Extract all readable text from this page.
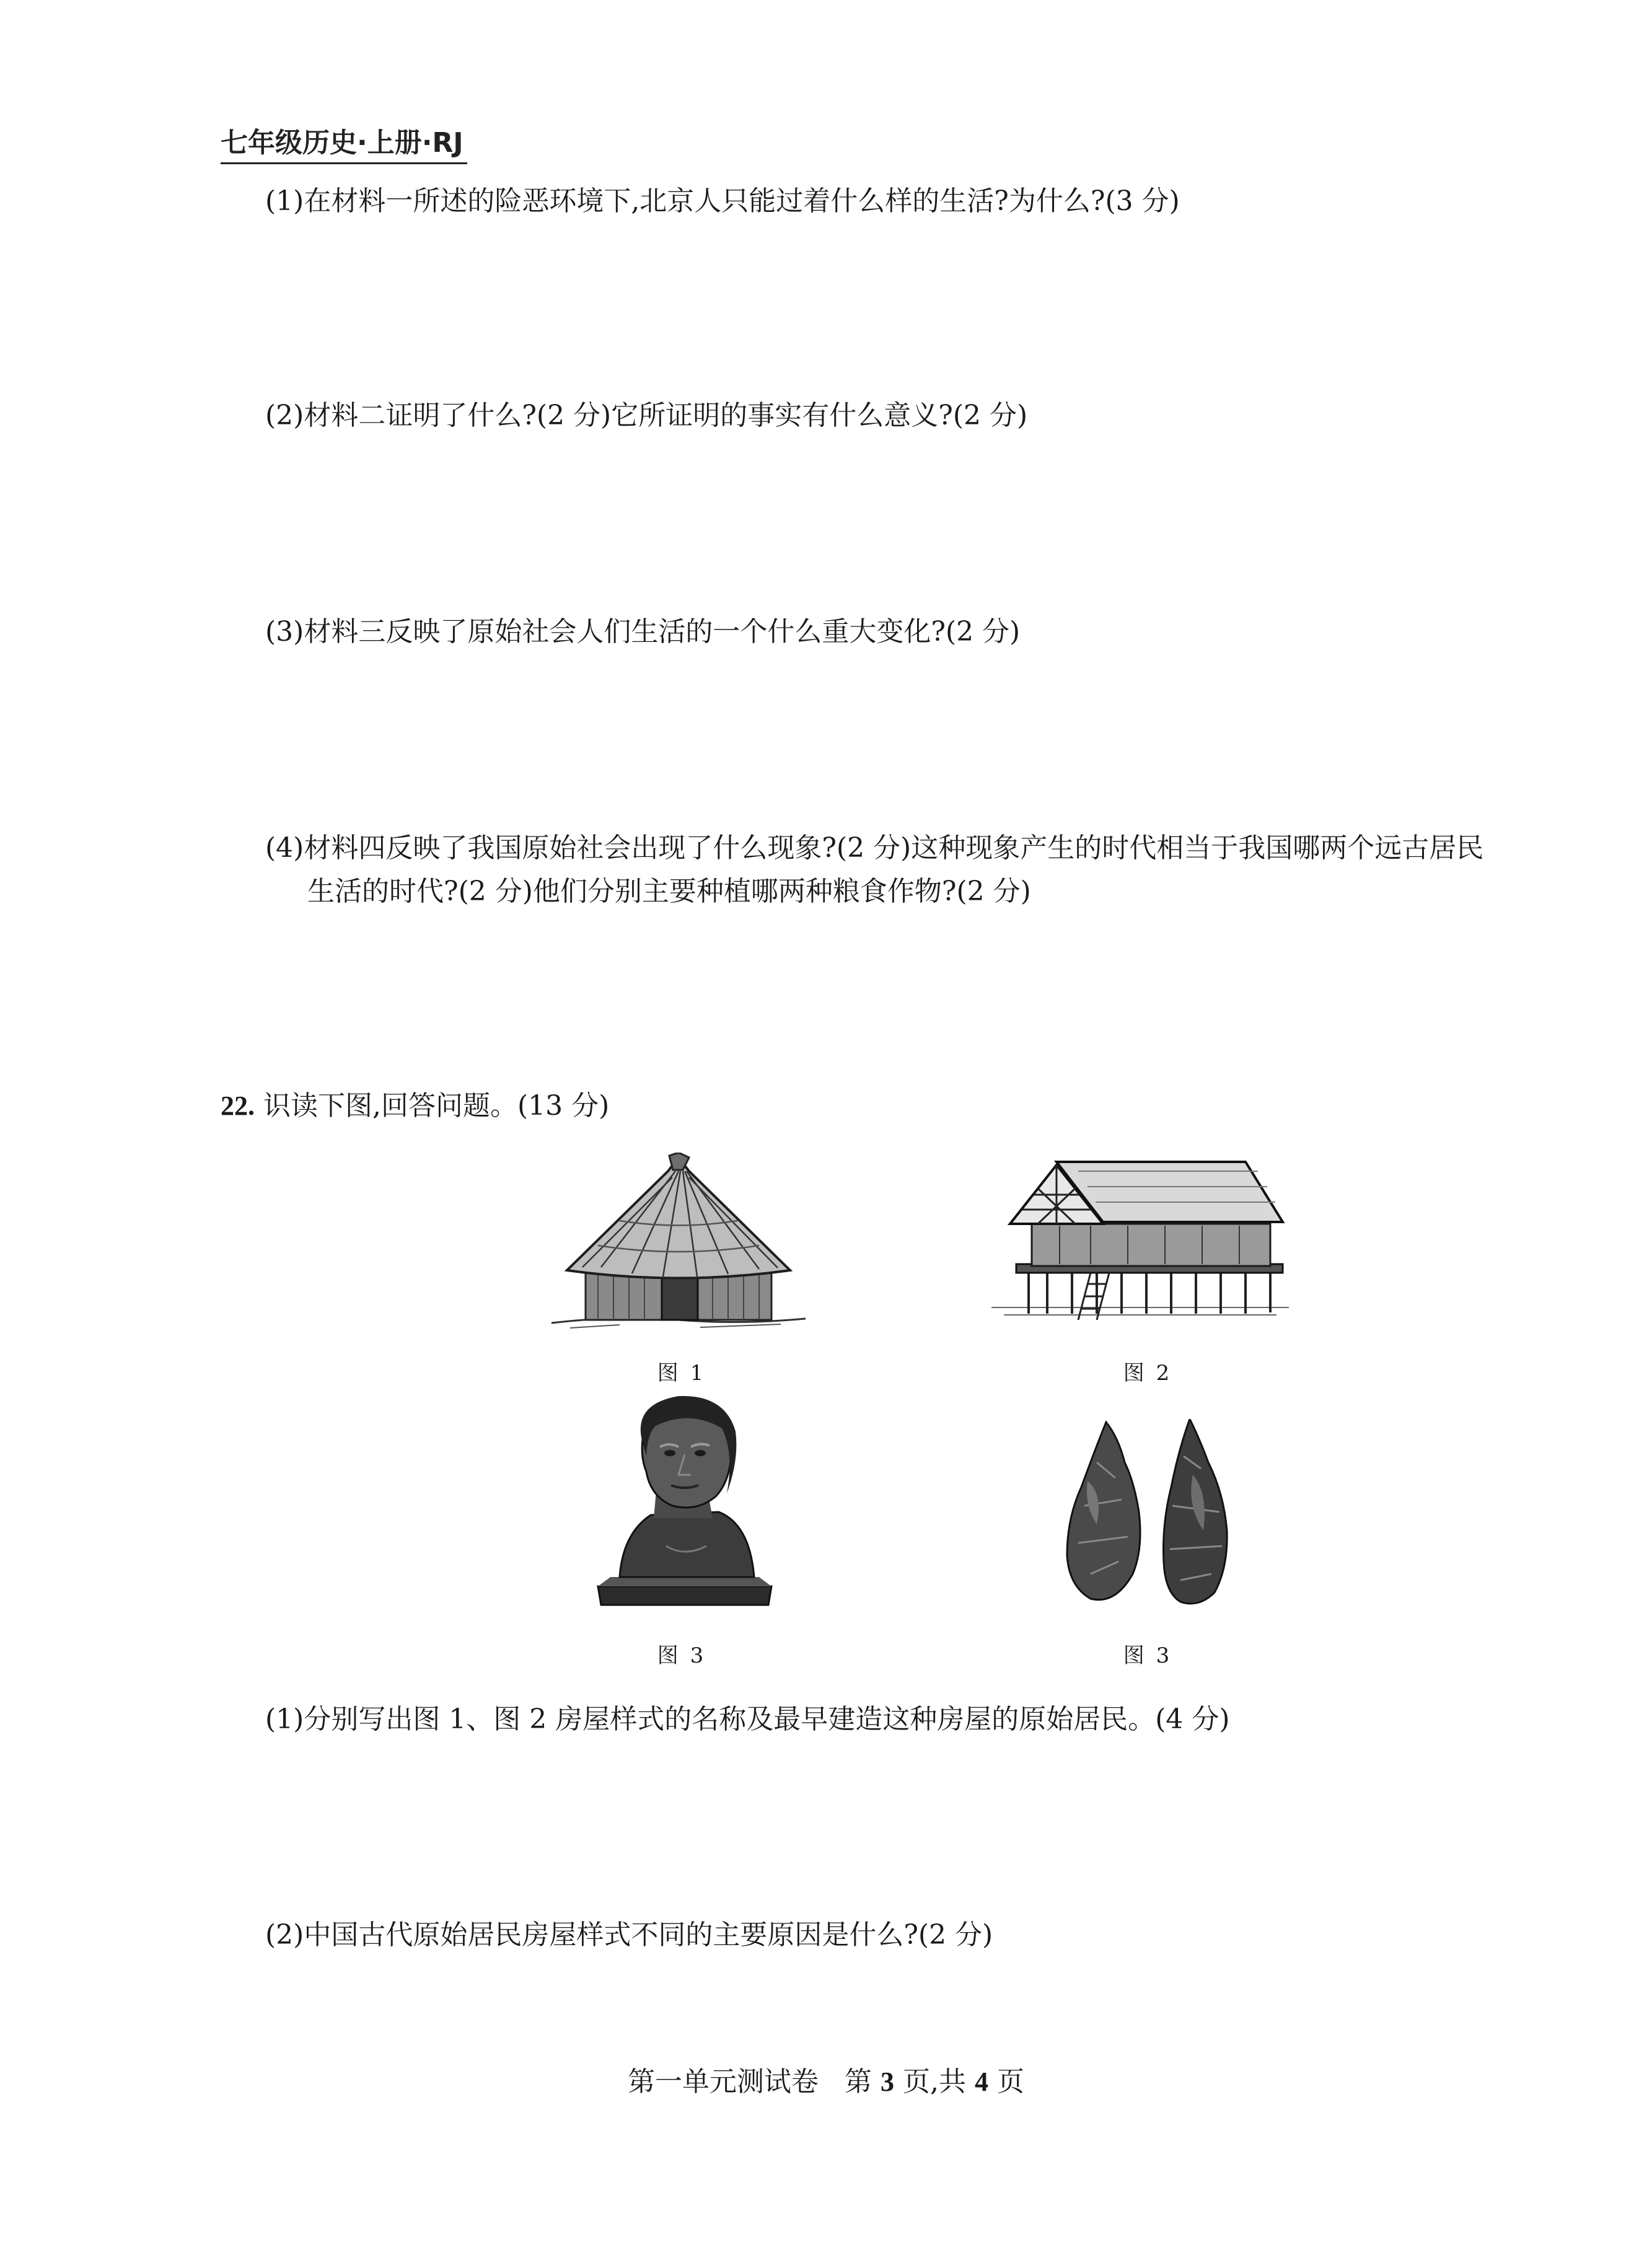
七年级历史·上册·RJ
(1)在材料一所述的险恶环境下,北京人只能过着什么样的生活?为什么?(3 分)
(2)材料二证明了什么?(2 分)它所证明的事实有什么意义?(2 分)
(3)材料三反映了原始社会人们生活的一个什么重大变化?(2 分)
(4)材料四反映了我国原始社会出现了什么现象?(2 分)这种现象产生的时代相当于我国哪两个远古居民
生活的时代?(2 分)他们分别主要种植哪两种粮食作物?(2 分)
22. 识读下图,回答问题。(13 分)
图 1	图 2
图 3	图 3
(1)分别写出图 1、图 2 房屋样式的名称及最早建造这种房屋的原始居民。(4 分)
(2)中国古代原始居民房屋样式不同的主要原因是什么?(2 分)
第一单元测试卷 第 3 页,共 4 页
